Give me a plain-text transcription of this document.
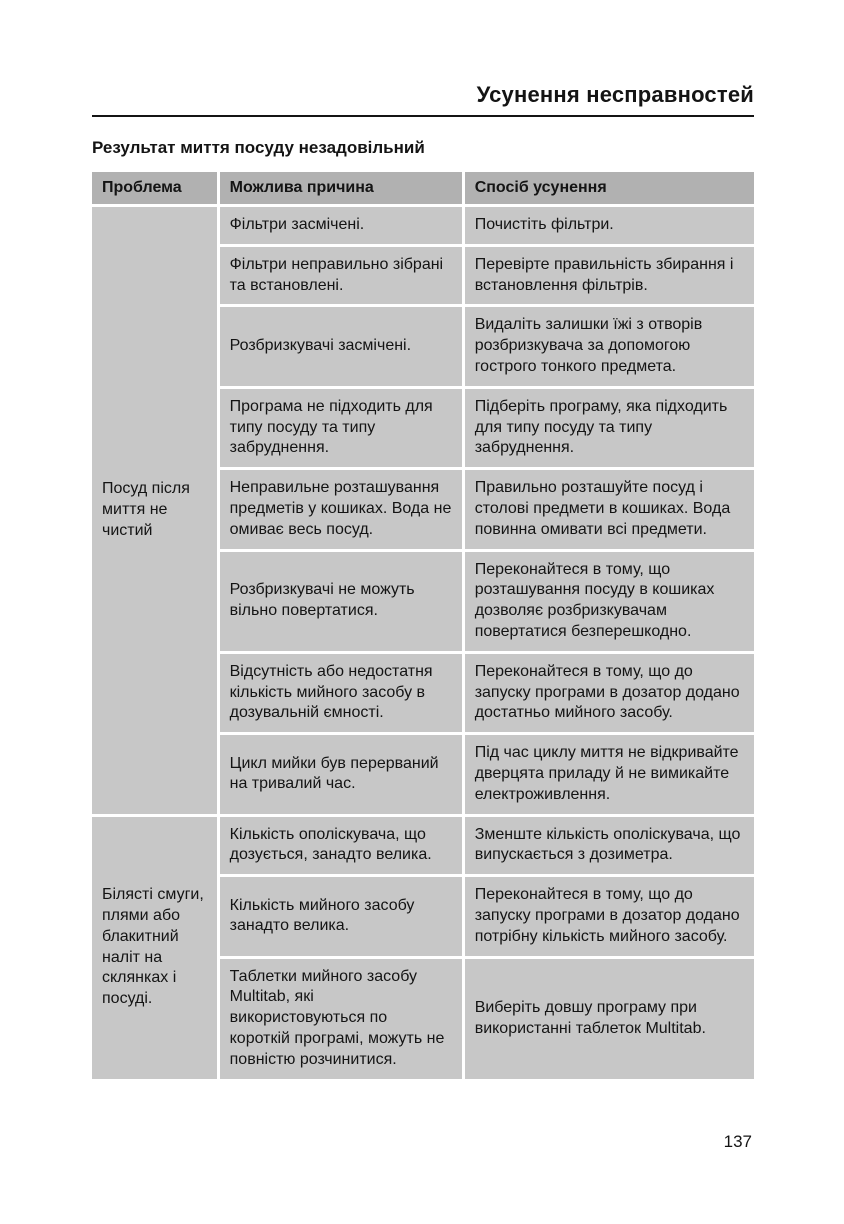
Усунення несправностей
Результат миття посуду незадовільний
Проблема	Можлива причина	Спосіб усунення
Посуд після миття не чистий	Фільтри засмічені.	Почистіть фільтри.
	Фільтри неправильно зібрані та встановлені.	Перевірте правильність збирання і встановлення фільтрів.
	Розбризкувачі засмічені.	Видаліть залишки їжі з отворів розбризкувача за допомогою гострого тонкого предмета.
	Програма не підходить для типу посуду та типу забруднення.	Підберіть програму, яка підходить для типу посуду та типу забруднення.
	Неправильне розташування предметів у кошиках. Вода не омиває весь посуд.	Правильно розташуйте посуд і столові предмети в кошиках. Вода повинна омивати всі предмети.
	Розбризкувачі не можуть вільно повертатися.	Переконайтеся в тому, що розташування посуду в кошиках дозволяє розбризкувачам повертатися безперешкодно.
	Відсутність або недостатня кількість мийного засобу в дозувальній ємності.	Переконайтеся в тому, що до запуску програми в дозатор додано достатньо мийного засобу.
	Цикл мийки був перерваний на тривалий час.	Під час циклу миття не відкривайте дверцята приладу й не вимикайте електроживлення.
Білясті смуги, плями або блакитний наліт на склянках і посуді.	Кількість ополіскувача, що дозується, занадто велика.	Зменште кількість ополіскувача, що випускається з дозиметра.
	Кількість мийного засобу занадто велика.	Переконайтеся в тому, що до запуску програми в дозатор додано потрібну кількість мийного засобу.
	Таблетки мийного засобу Multitab, які використовуються по короткій програмі, можуть не повністю розчинитися.	Виберіть довшу програму при використанні таблеток Multitab.
137
